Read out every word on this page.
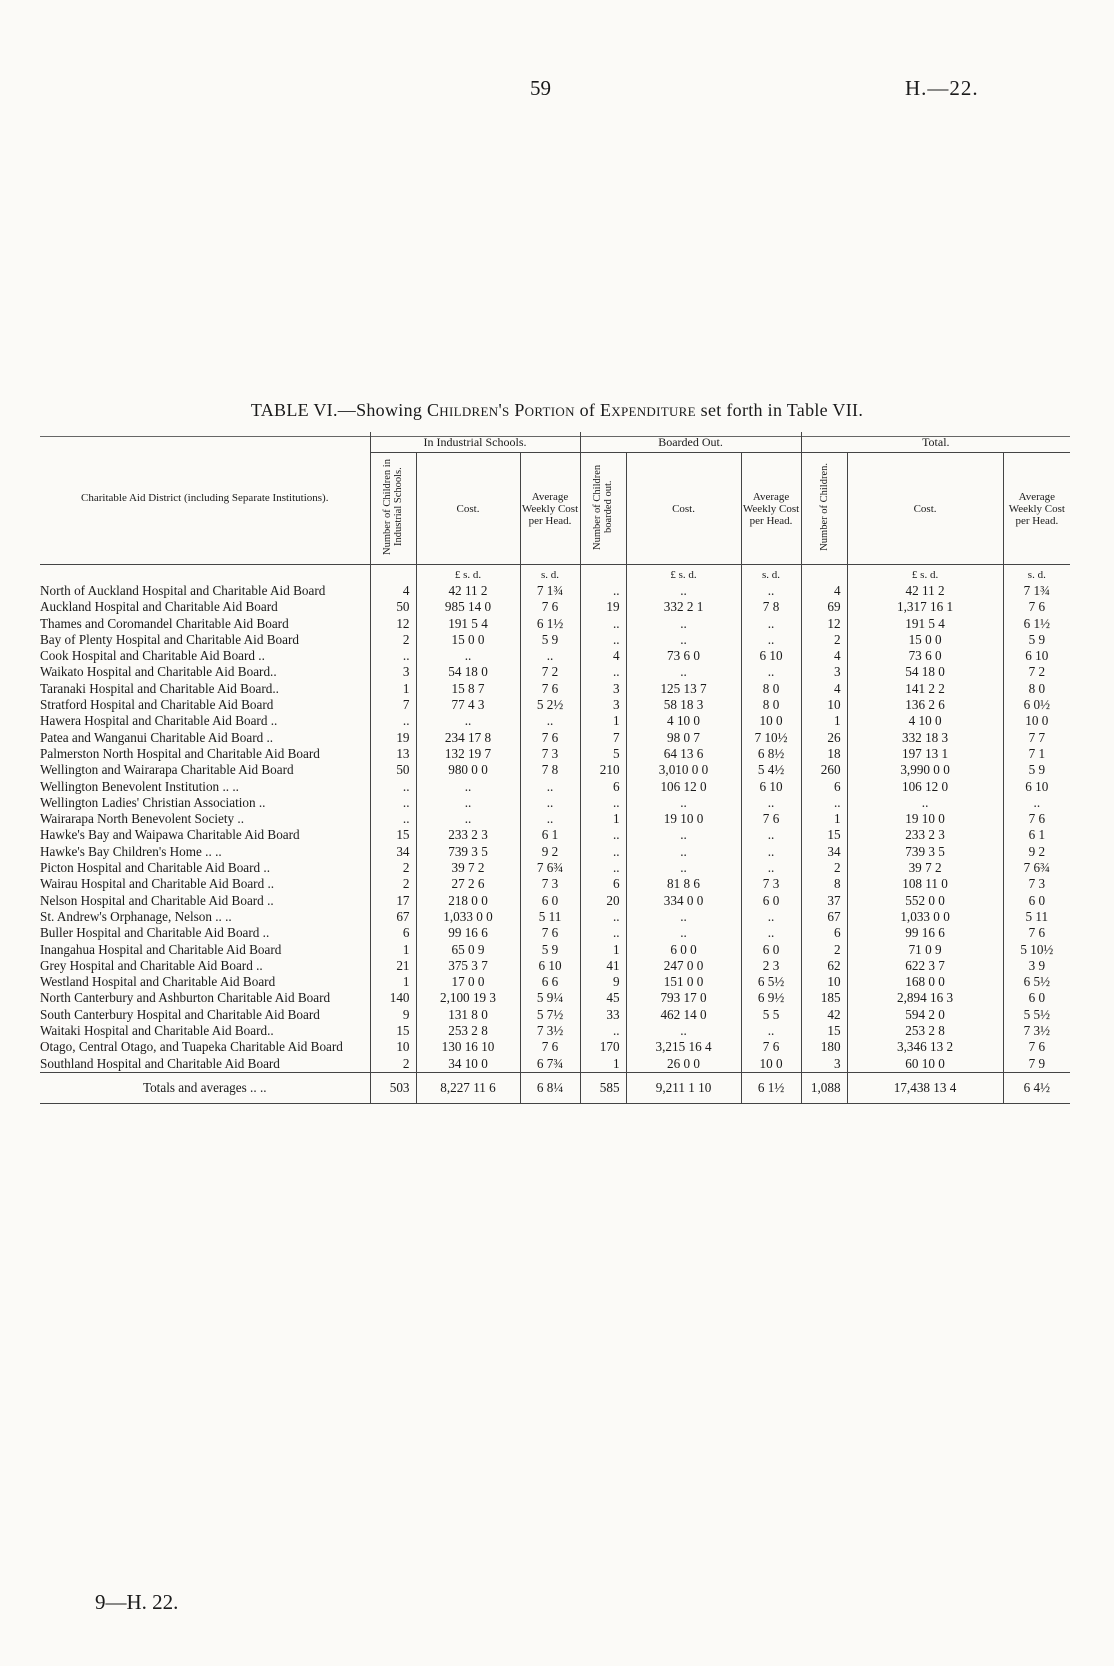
59	H.—22.
TABLE VI.—Showing Children's Portion of Expenditure set forth in Table VII.
Charitable Aid District (including Separate Institutions).	In Industrial Schools.			Boarded Out.			Total.		
	Number of Children in Industrial Schools.	Cost.	Average Weekly Cost per Head.	Number of Children boarded out.	Cost.	Average Weekly Cost per Head.	Number of Children.	Cost.	Average Weekly Cost per Head.
		£ s. d.	s. d.		£ s. d.	s. d.		£ s. d.	s. d.
North of Auckland Hospital and Charitable Aid Board	4	42 11 2	7 1¾	..	..	..	4	42 11 2	7 1¾
Auckland Hospital and Charitable Aid Board	50	985 14 0	7 6	19	332 2 1	7 8	69	1,317 16 1	7 6
Thames and Coromandel Charitable Aid Board	12	191 5 4	6 1½	..	..	..	12	191 5 4	6 1½
Bay of Plenty Hospital and Charitable Aid Board	2	15 0 0	5 9	..	..	..	2	15 0 0	5 9
Cook Hospital and Charitable Aid Board ..	..	..	..	4	73 6 0	6 10	4	73 6 0	6 10
Waikato Hospital and Charitable Aid Board..	3	54 18 0	7 2	..	..	..	3	54 18 0	7 2
Taranaki Hospital and Charitable Aid Board..	1	15 8 7	7 6	3	125 13 7	8 0	4	141 2 2	8 0
Stratford Hospital and Charitable Aid Board	7	77 4 3	5 2½	3	58 18 3	8 0	10	136 2 6	6 0½
Hawera Hospital and Charitable Aid Board ..	..	..	..	1	4 10 0	10 0	1	4 10 0	10 0
Patea and Wanganui Charitable Aid Board ..	19	234 17 8	7 6	7	98 0 7	7 10½	26	332 18 3	7 7
Palmerston North Hospital and Charitable Aid Board	13	132 19 7	7 3	5	64 13 6	6 8½	18	197 13 1	7 1
Wellington and Wairarapa Charitable Aid Board	50	980 0 0	7 8	210	3,010 0 0	5 4½	260	3,990 0 0	5 9
Wellington Benevolent Institution .. ..	..	..	..	6	106 12 0	6 10	6	106 12 0	6 10
Wellington Ladies' Christian Association ..	..	..	..	..	..	..	..	..	..
Wairarapa North Benevolent Society ..	..	..	..	1	19 10 0	7 6	1	19 10 0	7 6
Hawke's Bay and Waipawa Charitable Aid Board	15	233 2 3	6 1	..	..	..	15	233 2 3	6 1
Hawke's Bay Children's Home .. ..	34	739 3 5	9 2	..	..	..	34	739 3 5	9 2
Picton Hospital and Charitable Aid Board ..	2	39 7 2	7 6¾	..	..	..	2	39 7 2	7 6¾
Wairau Hospital and Charitable Aid Board ..	2	27 2 6	7 3	6	81 8 6	7 3	8	108 11 0	7 3
Nelson Hospital and Charitable Aid Board ..	17	218 0 0	6 0	20	334 0 0	6 0	37	552 0 0	6 0
St. Andrew's Orphanage, Nelson .. ..	67	1,033 0 0	5 11	..	..	..	67	1,033 0 0	5 11
Buller Hospital and Charitable Aid Board ..	6	99 16 6	7 6	..	..	..	6	99 16 6	7 6
Inangahua Hospital and Charitable Aid Board	1	65 0 9	5 9	1	6 0 0	6 0	2	71 0 9	5 10½
Grey Hospital and Charitable Aid Board ..	21	375 3 7	6 10	41	247 0 0	2 3	62	622 3 7	3 9
Westland Hospital and Charitable Aid Board	1	17 0 0	6 6	9	151 0 0	6 5½	10	168 0 0	6 5½
North Canterbury and Ashburton Charitable Aid Board	140	2,100 19 3	5 9¼	45	793 17 0	6 9½	185	2,894 16 3	6 0
South Canterbury Hospital and Charitable Aid Board	9	131 8 0	5 7½	33	462 14 0	5 5	42	594 2 0	5 5½
Waitaki Hospital and Charitable Aid Board..	15	253 2 8	7 3½	..	..	..	15	253 2 8	7 3½
Otago, Central Otago, and Tuapeka Charitable Aid Board	10	130 16 10	7 6	170	3,215 16 4	7 6	180	3,346 13 2	7 6
Southland Hospital and Charitable Aid Board	2	34 10 0	6 7¾	1	26 0 0	10 0	3	60 10 0	7 9
Totals and averages .. ..	503	8,227 11 6	6 8¼	585	9,211 1 10	6 1½	1,088	17,438 13 4	6 4½
9—H. 22.
